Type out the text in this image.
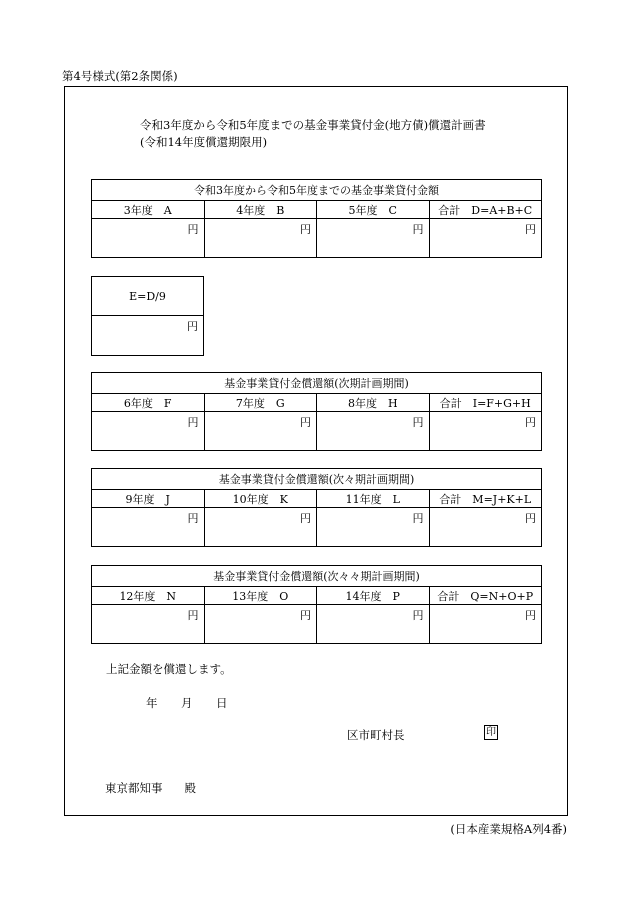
第4号様式(第2条関係)
令和3年度から令和5年度までの基金事業貸付金(地方債)償還計画書
(令和14年度償還期限用)
令和3年度から令和5年度までの基金事業貸付金額			
3年度　A	4年度　B	5年度　C	合計　D=A+B+C
円	円	円	円
E=D/9
円
基金事業貸付金償還額(次期計画期間)			
6年度　F	7年度　G	8年度　H	合計　I=F+G+H
円	円	円	円
基金事業貸付金償還額(次々期計画期間)			
9年度　J	10年度　K	11年度　L	合計　M=J+K+L
円	円	円	円
基金事業貸付金償還額(次々々期計画期間)			
12年度　N	13年度　O	14年度　P	合計　Q=N+O+P
円	円	円	円
上記金額を償還します。
年 月 日
区市町村長	印
東京都知事 殿
(日本産業規格A列4番)
